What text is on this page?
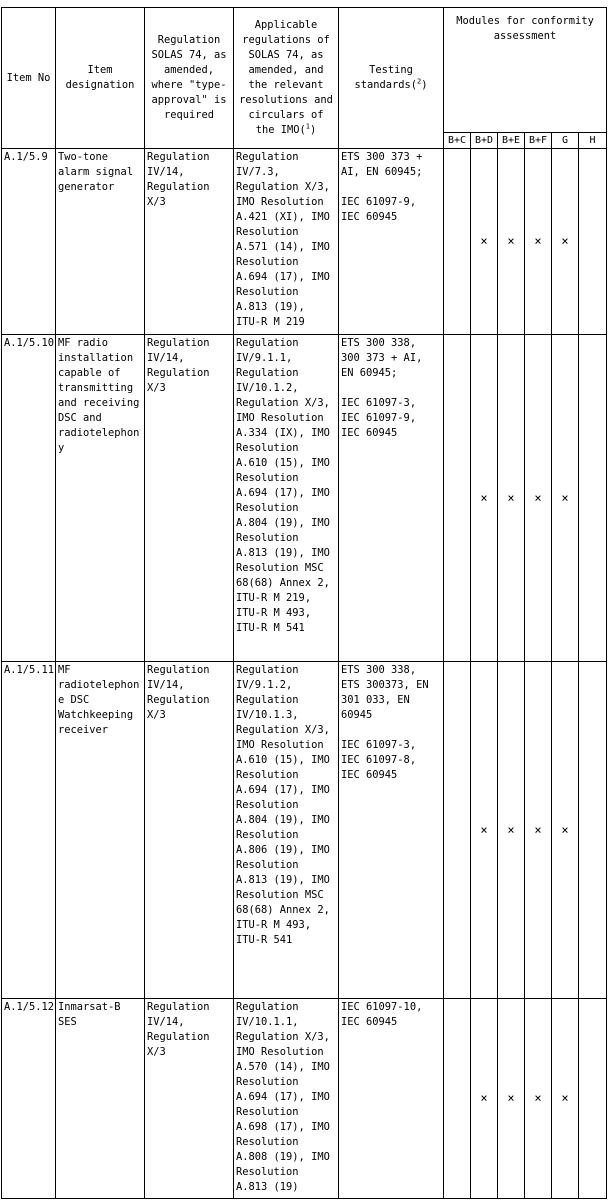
Item No	Item designation	Regulation SOLAS 74, as amended, where "type-approval" is required	Applicable regulations of SOLAS 74, as amended, and the relevant resolutions and circulars of the IMO($^1$)	Testing standards($^2$)	Modules for conformity assessment					
					B+C	B+D	B+E	B+F	G	H
A.1/5.9	Two-tone alarm signal generator	Regulation IV/14, Regulation X/3	Regulation IV/7.3, Regulation X/3, IMO Resolution A.421 (XI), IMO Resolution A.571 (14), IMO Resolution A.694 (17), IMO Resolution A.813 (19), ITU-R M 219	ETS 300 373 + AI, EN 60945;
IEC 61097-9, IEC 60945		×	×	×	×	
A.1/5.10	MF radio installation capable of transmitting and receiving DSC and radiotelephony	Regulation IV/14, Regulation X/3	Regulation IV/9.1.1, Regulation IV/10.1.2, Regulation X/3, IMO Resolution A.334 (IX), IMO Resolution A.610 (15), IMO Resolution A.694 (17), IMO Resolution A.804 (19), IMO Resolution A.813 (19), IMO Resolution MSC 68(68) Annex 2, ITU-R M 219, ITU-R M 493, ITU-R M 541	ETS 300 338, 300 373 + AI, EN 60945;
IEC 61097-3, IEC 61097-9, IEC 60945		×	×	×	×	
A.1/5.11	MF radiotelephone DSC Watchkeeping receiver	Regulation IV/14, Regulation X/3	Regulation IV/9.1.2, Regulation IV/10.1.3, Regulation X/3, IMO Resolution A.610 (15), IMO Resolution A.694 (17), IMO Resolution A.804 (19), IMO Resolution A.806 (19), IMO Resolution A.813 (19), IMO Resolution MSC 68(68) Annex 2, ITU-R M 493, ITU-R 541	ETS 300 338, ETS 300373, EN 301 033, EN 60945
IEC 61097-3, IEC 61097-8, IEC 60945		×	×	×	×	
A.1/5.12	Inmarsat-B SES	Regulation IV/14, Regulation X/3	Regulation IV/10.1.1, Regulation X/3, IMO Resolution A.570 (14), IMO Resolution A.694 (17), IMO Resolution A.698 (17), IMO Resolution A.808 (19), IMO Resolution A.813 (19)	IEC 61097-10, IEC 60945		×	×	×	×	
